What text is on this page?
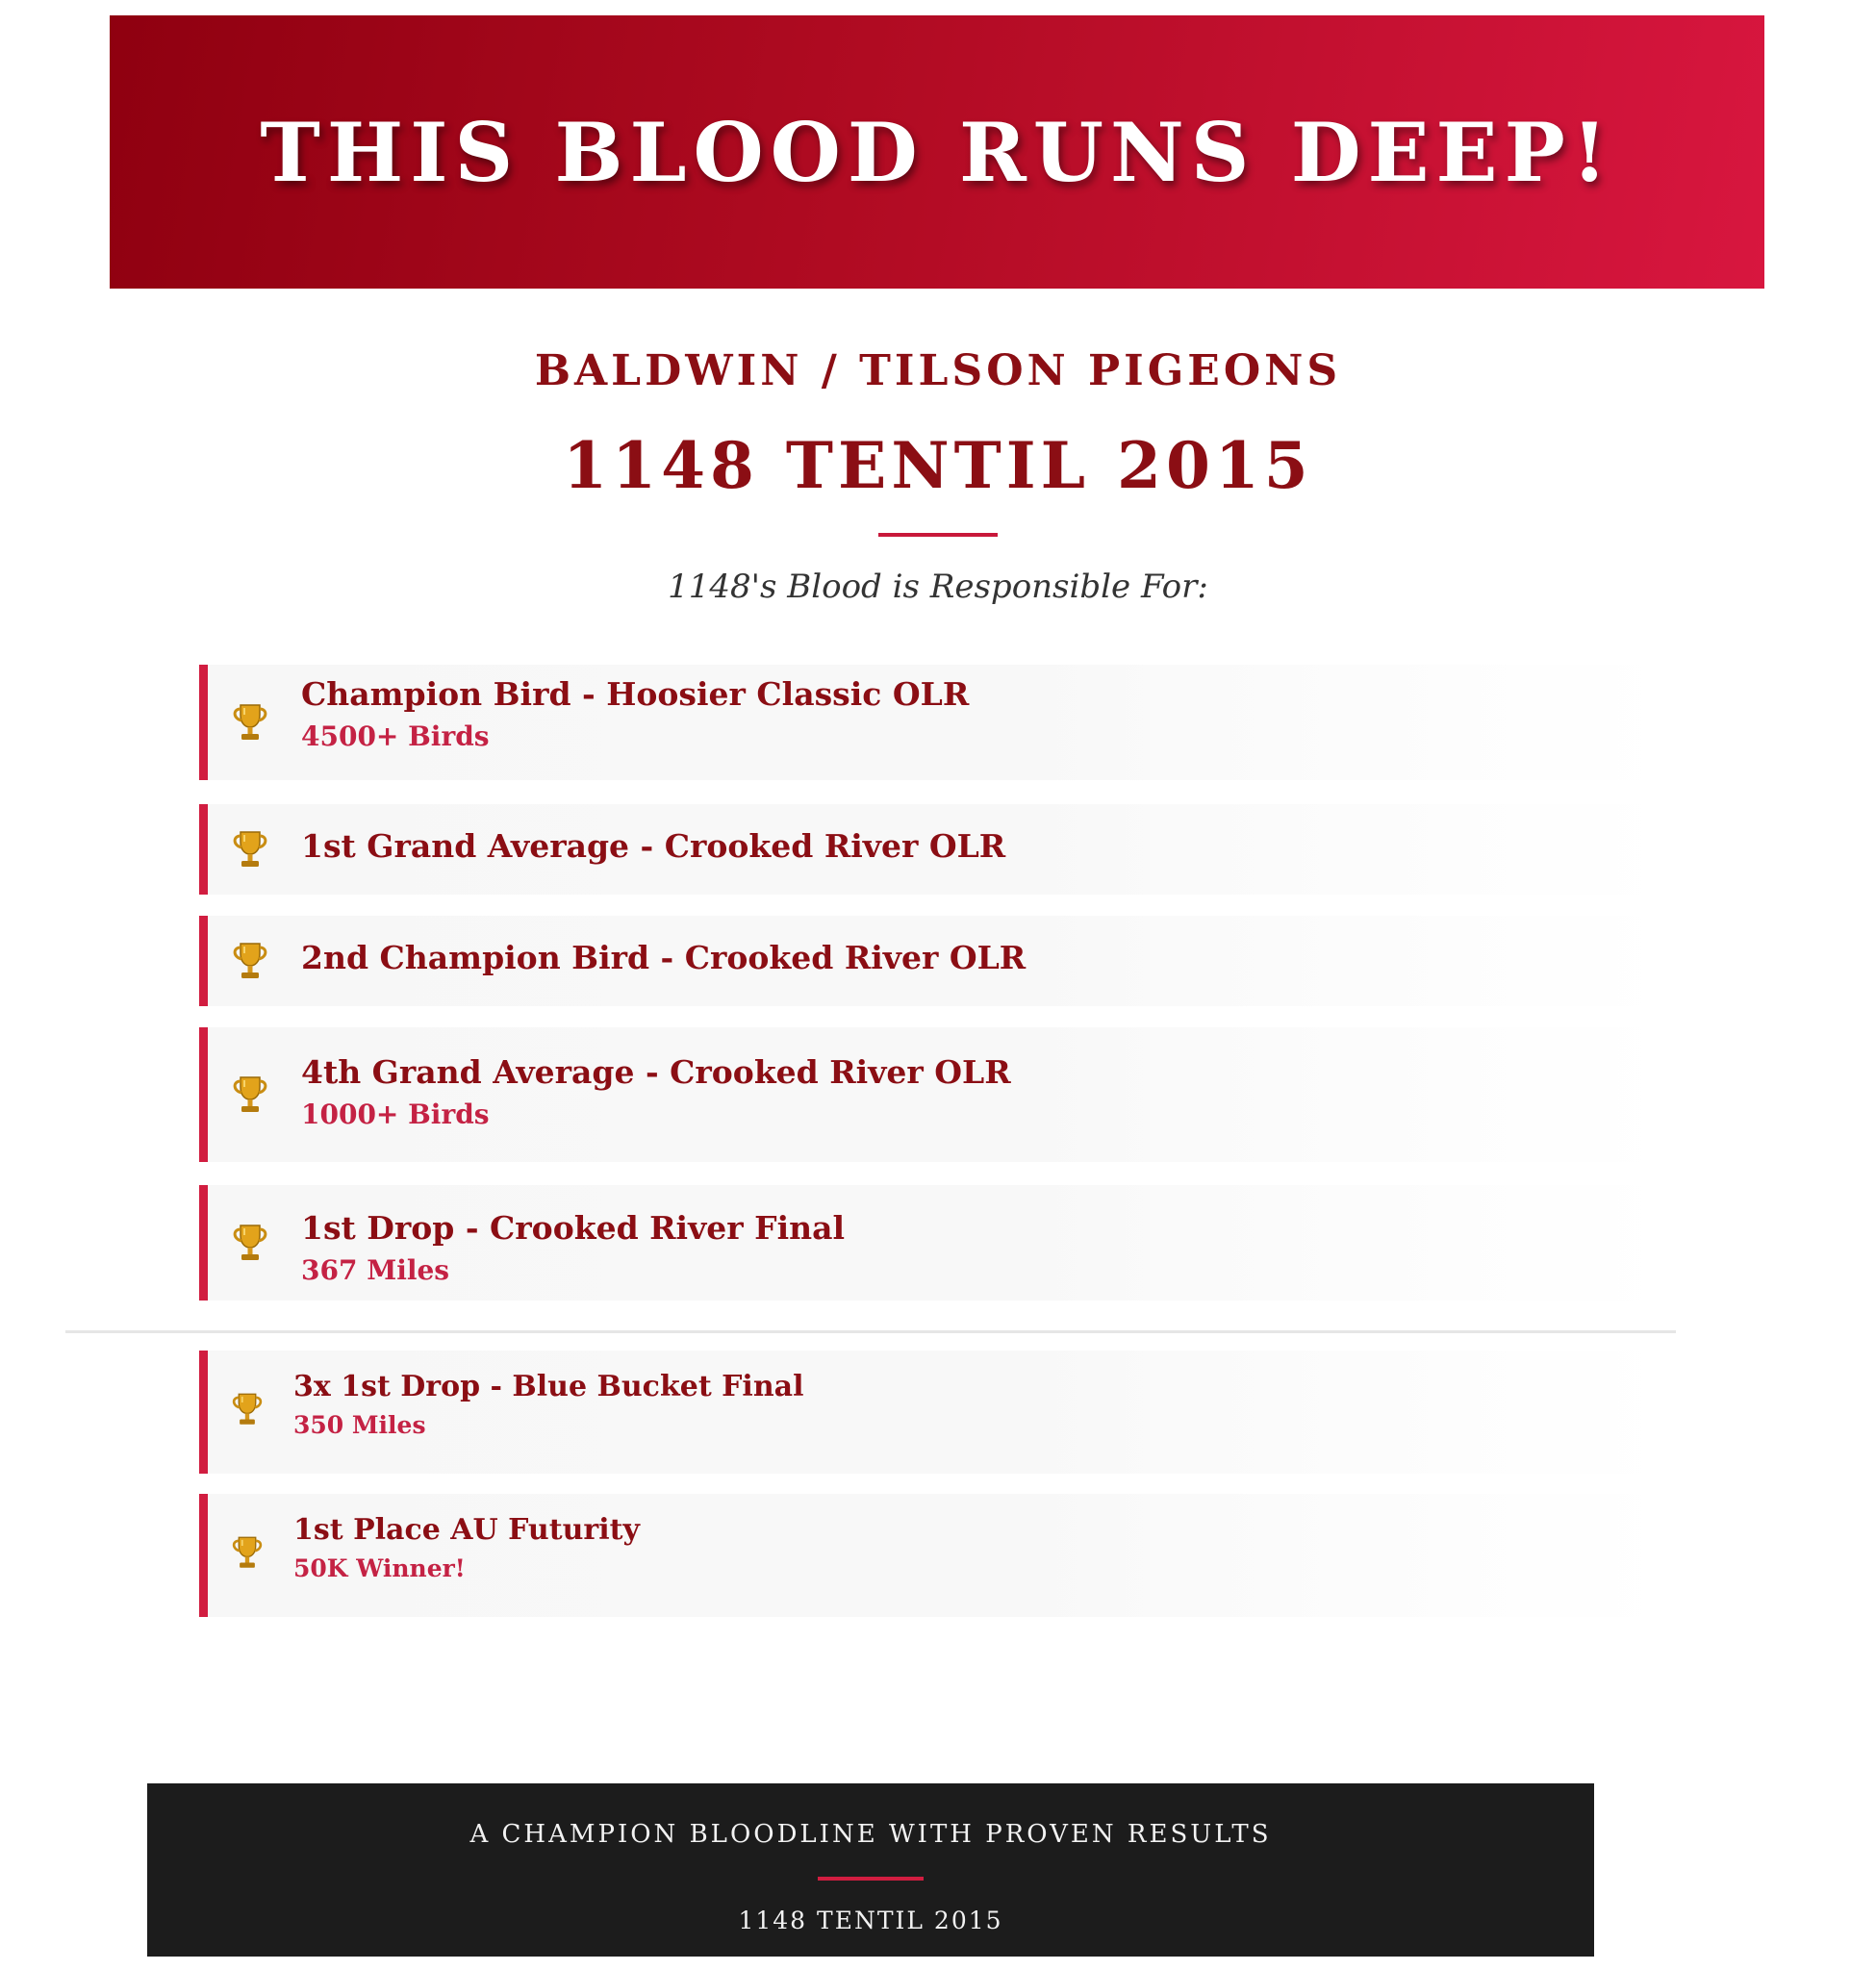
THIS BLOOD RUNS DEEP!
BALDWIN / TILSON PIGEONS
1148 TENTIL 2015
1148's Blood is Responsible For:
Champion Bird - Hoosier Classic OLR
4500+ Birds
1st Grand Average - Crooked River OLR
2nd Champion Bird - Crooked River OLR
4th Grand Average - Crooked River OLR
1000+ Birds
1st Drop - Crooked River Final
367 Miles
3x 1st Drop - Blue Bucket Final
350 Miles
1st Place AU Futurity
50K Winner!
A CHAMPION BLOODLINE WITH PROVEN RESULTS
1148 TENTIL 2015
